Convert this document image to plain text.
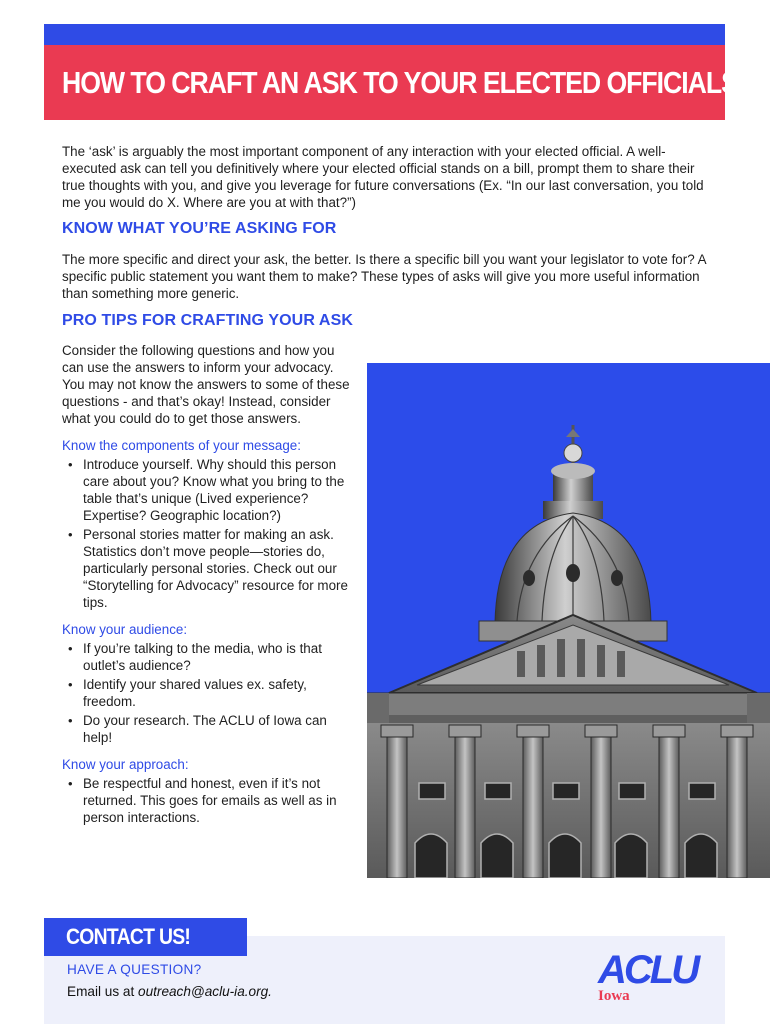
HOW TO CRAFT AN ASK TO YOUR ELECTED OFFICIALS

The ‘ask’ is arguably the most important component of any interaction with your elected official. A well-executed ask can tell you definitively where your elected official stands on a bill, prompt them to share their true thoughts with you, and give you leverage for future conversations (Ex. “In our last conversation, you told me you would do X. Where are you at with that?”)

KNOW WHAT YOU’RE ASKING FOR

The more specific and direct your ask, the better. Is there a specific bill you want your legislator to vote for? A specific public statement you want them to make? These types of asks will give you more useful information than something more generic.

PRO TIPS FOR CRAFTING YOUR ASK

Consider the following questions and how you can use the answers to inform your advocacy. You may not know the answers to some of these questions - and that’s okay! Instead, consider what you could do to get those answers.

Know the components of your message:
• Introduce yourself. Why should this person care about you? Know what you bring to the table that’s unique (Lived experience? Expertise? Geographic location?)
• Personal stories matter for making an ask. Statistics don’t move people—stories do, particularly personal stories. Check out our “Storytelling for Advocacy” resource for more tips.
Know your audience:
• If you’re talking to the media, who is that outlet’s audience?
• Identify your shared values ex. safety, freedom.
• Do your research. The ACLU of Iowa can help!
Know your approach:
• Be respectful and honest, even if it’s not returned. This goes for emails as well as in person interactions.
CONTACT US!
HAVE A QUESTION?
Email us at outreach@aclu-ia.org.	ACLU
Iowa
